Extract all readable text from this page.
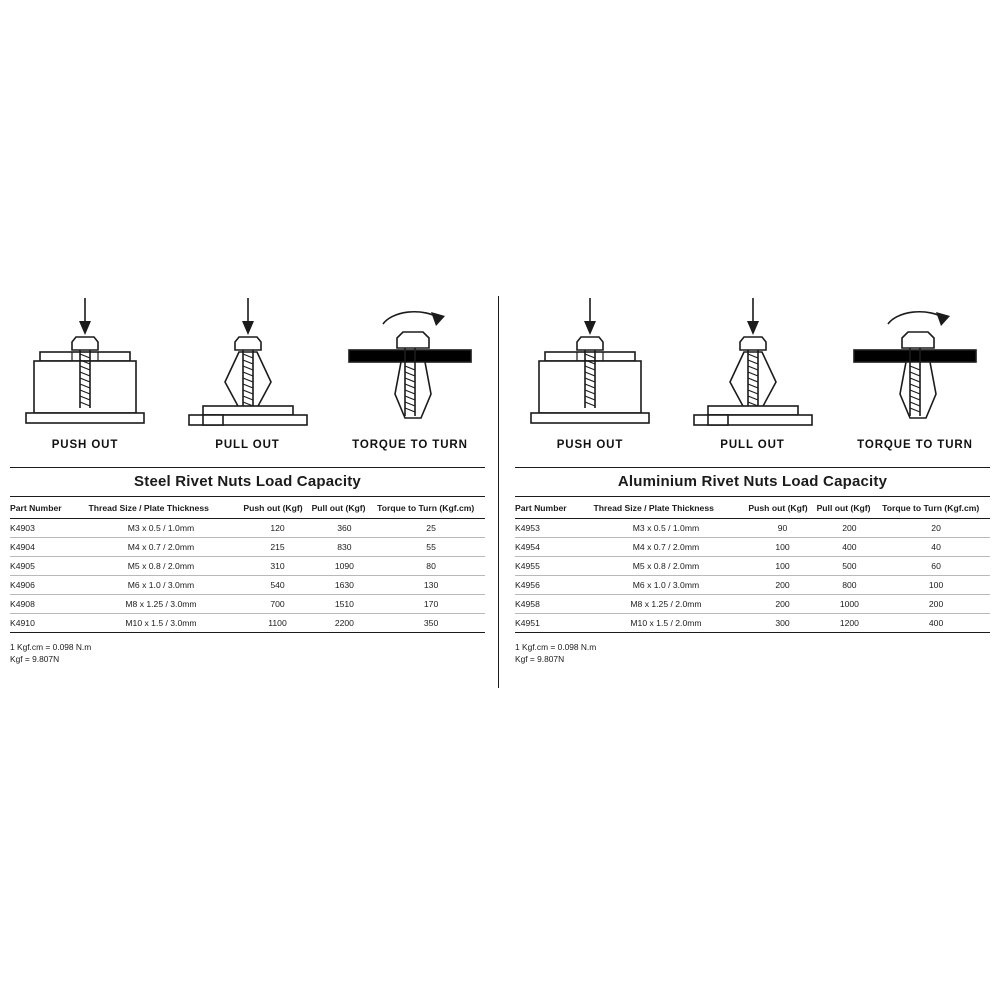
PUSH OUT	PULL OUT	TORQUE TO TURN
Steel Rivet Nuts Load Capacity
Part Number	Thread Size / Plate Thickness	Push out (Kgf)	Pull out (Kgf)	Torque to Turn (Kgf.cm)
K4903	M3 x 0.5 / 1.0mm	120	360	25
K4904	M4 x 0.7 / 2.0mm	215	830	55
K4905	M5 x 0.8 / 2.0mm	310	1090	80
K4906	M6 x 1.0 / 3.0mm	540	1630	130
K4908	M8 x 1.25 / 3.0mm	700	1510	170
K4910	M10 x 1.5 / 3.0mm	1100	2200	350
1 Kgf.cm = 0.098 N.m
Kgf = 9.807N
PUSH OUT	PULL OUT	TORQUE TO TURN
Aluminium Rivet Nuts Load Capacity
Part Number	Thread Size / Plate Thickness	Push out (Kgf)	Pull out (Kgf)	Torque to Turn (Kgf.cm)
K4953	M3 x 0.5 / 1.0mm	90	200	20
K4954	M4 x 0.7 / 2.0mm	100	400	40
K4955	M5 x 0.8 / 2.0mm	100	500	60
K4956	M6 x 1.0 / 3.0mm	200	800	100
K4958	M8 x 1.25 / 2.0mm	200	1000	200
K4951	M10 x 1.5 / 2.0mm	300	1200	400
1 Kgf.cm = 0.098 N.m
Kgf = 9.807N
